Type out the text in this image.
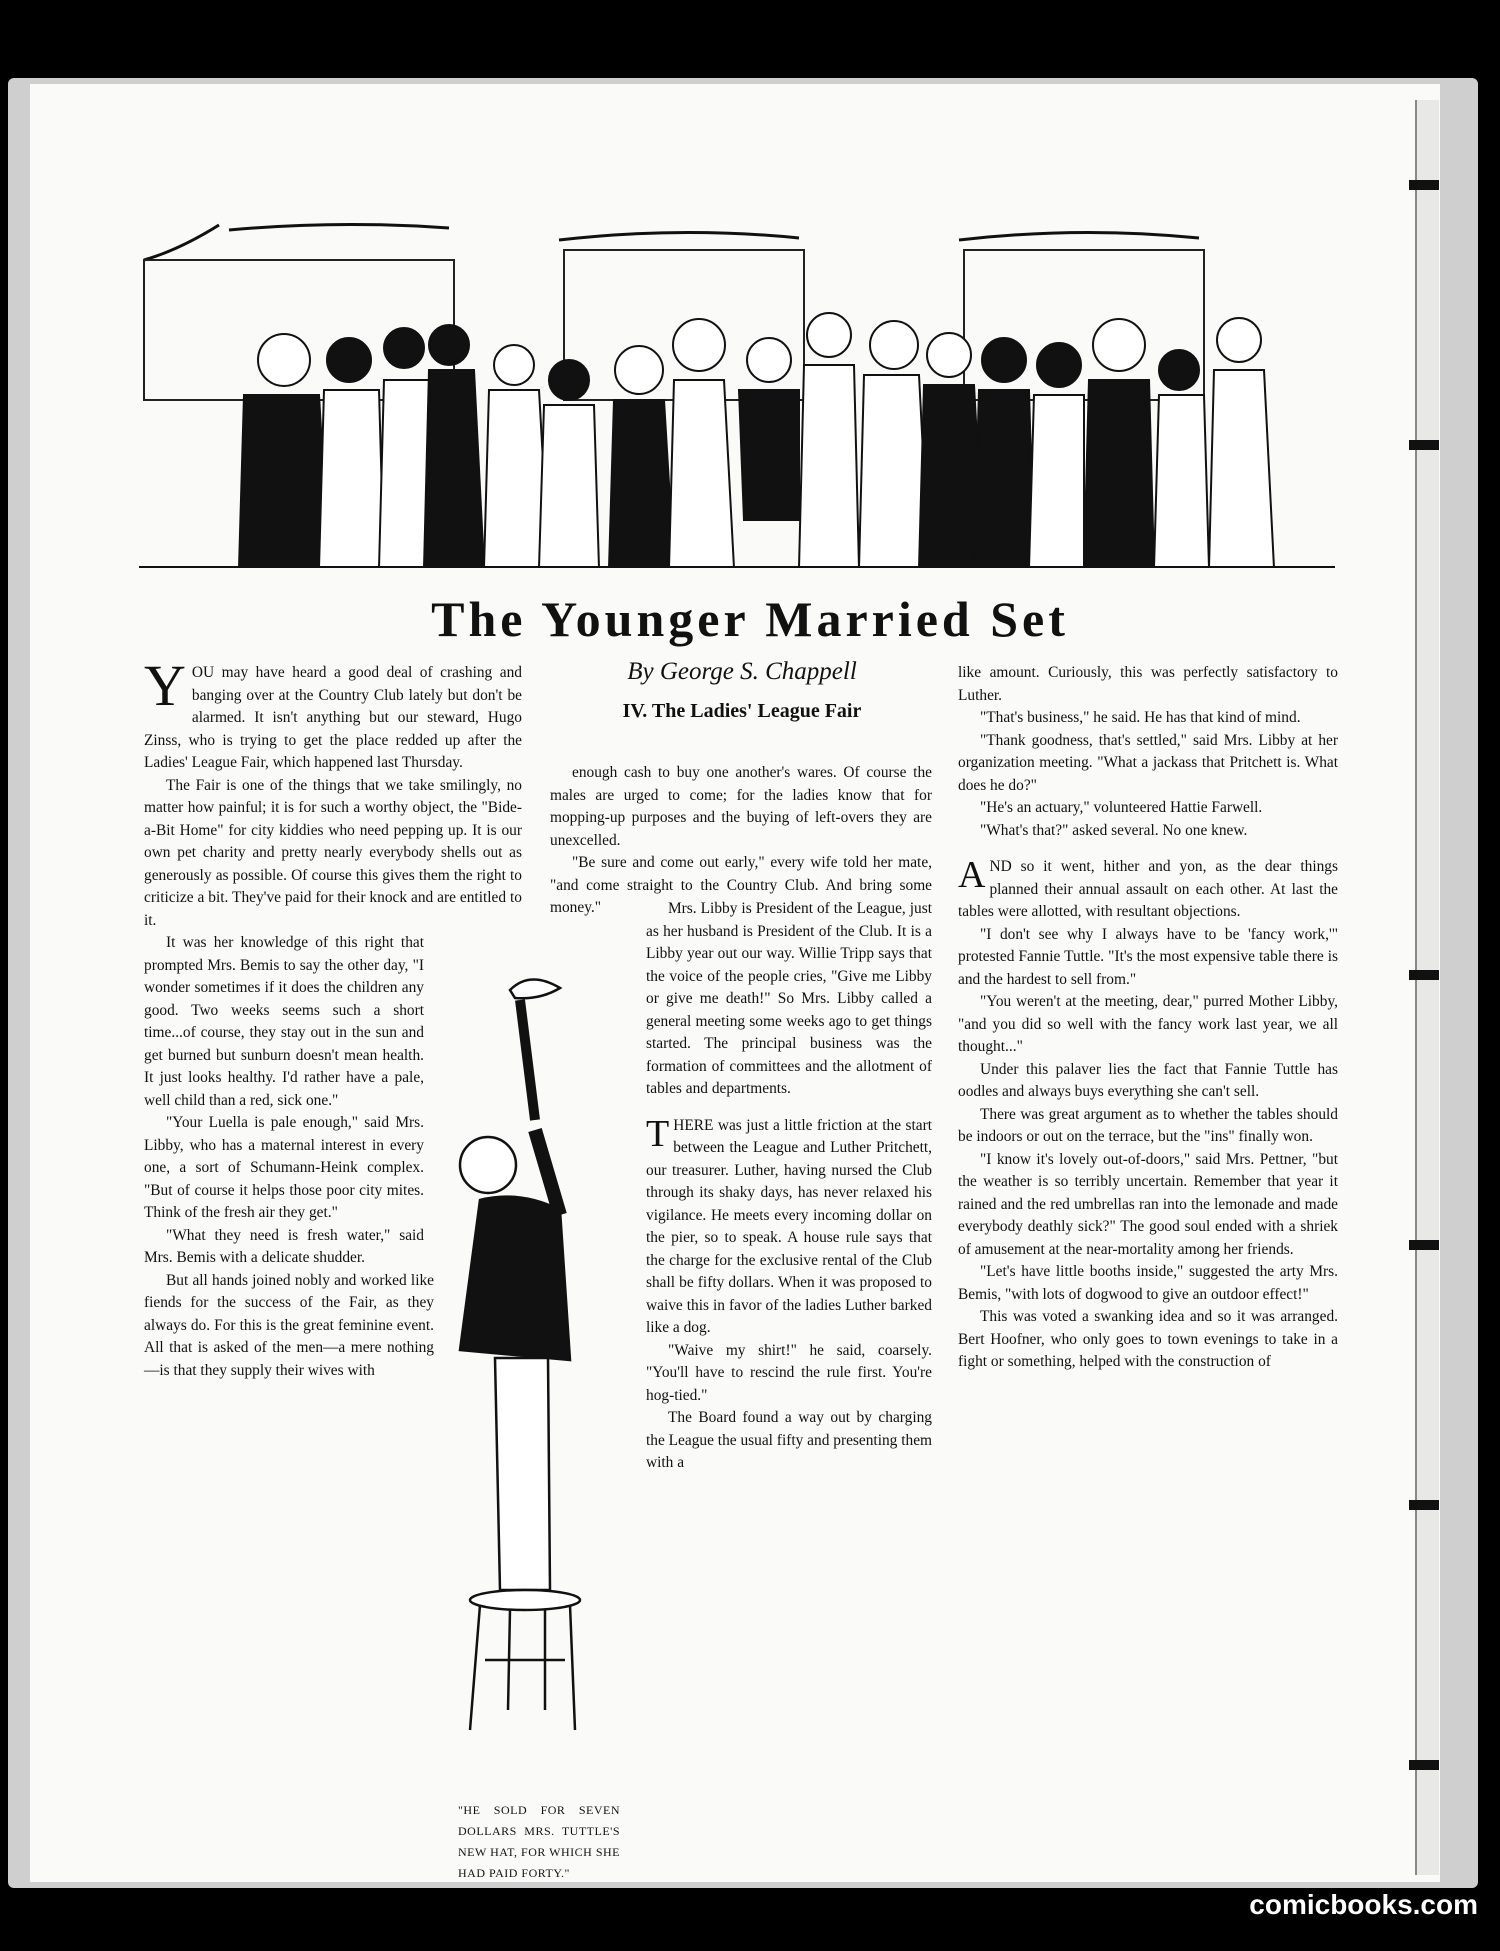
The Younger Married Set

YOU may have heard a good deal of crashing and banging over at the Country Club lately but don't be alarmed. It isn't anything but our steward, Hugo Zinss, who is trying to get the place redded up after the Ladies' League Fair, which happened last Thursday.

The Fair is one of the things that we take smilingly, no matter how painful; it is for such a worthy object, the "Bide-a-Bit Home" for city kiddies who need pepping up. It is our own pet charity and pretty nearly everybody shells out as generously as possible. Of course this gives them the right to criticize a bit. They've paid for their knock and are entitled to it.

It was her knowledge of this right that prompted Mrs. Bemis to say the other day, "I wonder sometimes if it does the children any good. Two weeks seems such a short time...of course, they stay out in the sun and get burned but sunburn doesn't mean health. It just looks healthy. I'd rather have a pale, well child than a red, sick one."

"Your Luella is pale enough," said Mrs. Libby, who has a maternal interest in every one, a sort of Schumann-Heink complex. "But of course it helps those poor city mites. Think of the fresh air they get."

"What they need is fresh water," said Mrs. Bemis with a delicate shudder.

But all hands joined nobly and worked like fiends for the success of the Fair, as they always do. For this is the great feminine event. All that is asked of the men—a mere nothing—is that they supply their wives with

By George S. Chappell
IV. The Ladies' League Fair

enough cash to buy one another's wares. Of course the males are urged to come; for the ladies know that for mopping-up purposes and the buying of left-overs they are unexcelled.

"Be sure and come out early," every wife told her mate, "and come straight to the Country Club. And bring some money."	Mrs. Libby is President of the League, just as her husband is President of the Club. It is a Libby year out our way. Willie Tripp says that the voice of the people cries, "Give me Libby or give me death!" So Mrs. Libby called a general meeting some weeks ago to get things started. The principal business was the formation of committees and the allotment of tables and departments.

THERE was just a little friction at the start between the League and Luther Pritchett, our treasurer. Luther, having nursed the Club through its shaky days, has never relaxed his vigilance. He meets every incoming dollar on the pier, so to speak. A house rule says that the charge for the exclusive rental of the Club shall be fifty dollars. When it was proposed to waive this in favor of the ladies Luther barked like a dog.

"Waive my shirt!" he said, coarsely. "You'll have to rescind the rule first. You're hog-tied."

The Board found a way out by charging the League the usual fifty and presenting them with a

"HE SOLD FOR SEVEN DOLLARS MRS. TUTTLE'S NEW HAT, FOR WHICH SHE HAD PAID FORTY."

like amount. Curiously, this was perfectly satisfactory to Luther.

"That's business," he said. He has that kind of mind.

"Thank goodness, that's settled," said Mrs. Libby at her organization meeting. "What a jackass that Pritchett is. What does he do?"

"He's an actuary," volunteered Hattie Farwell.

"What's that?" asked several. No one knew.

AND so it went, hither and yon, as the dear things planned their annual assault on each other. At last the tables were allotted, with resultant objections.

"I don't see why I always have to be 'fancy work,'" protested Fannie Tuttle. "It's the most expensive table there is and the hardest to sell from."

"You weren't at the meeting, dear," purred Mother Libby, "and you did so well with the fancy work last year, we all thought..."

Under this palaver lies the fact that Fannie Tuttle has oodles and always buys everything she can't sell.

There was great argument as to whether the tables should be indoors or out on the terrace, but the "ins" finally won.

"I know it's lovely out-of-doors," said Mrs. Pettner, "but the weather is so terribly uncertain. Remember that year it rained and the red umbrellas ran into the lemonade and made everybody deathly sick?" The good soul ended with a shriek of amusement at the near-mortality among her friends.

"Let's have little booths inside," suggested the arty Mrs. Bemis, "with lots of dogwood to give an outdoor effect!"

This was voted a swanking idea and so it was arranged. Bert Hoofner, who only goes to town evenings to take in a fight or something, helped with the construction of

comicbooks.com
